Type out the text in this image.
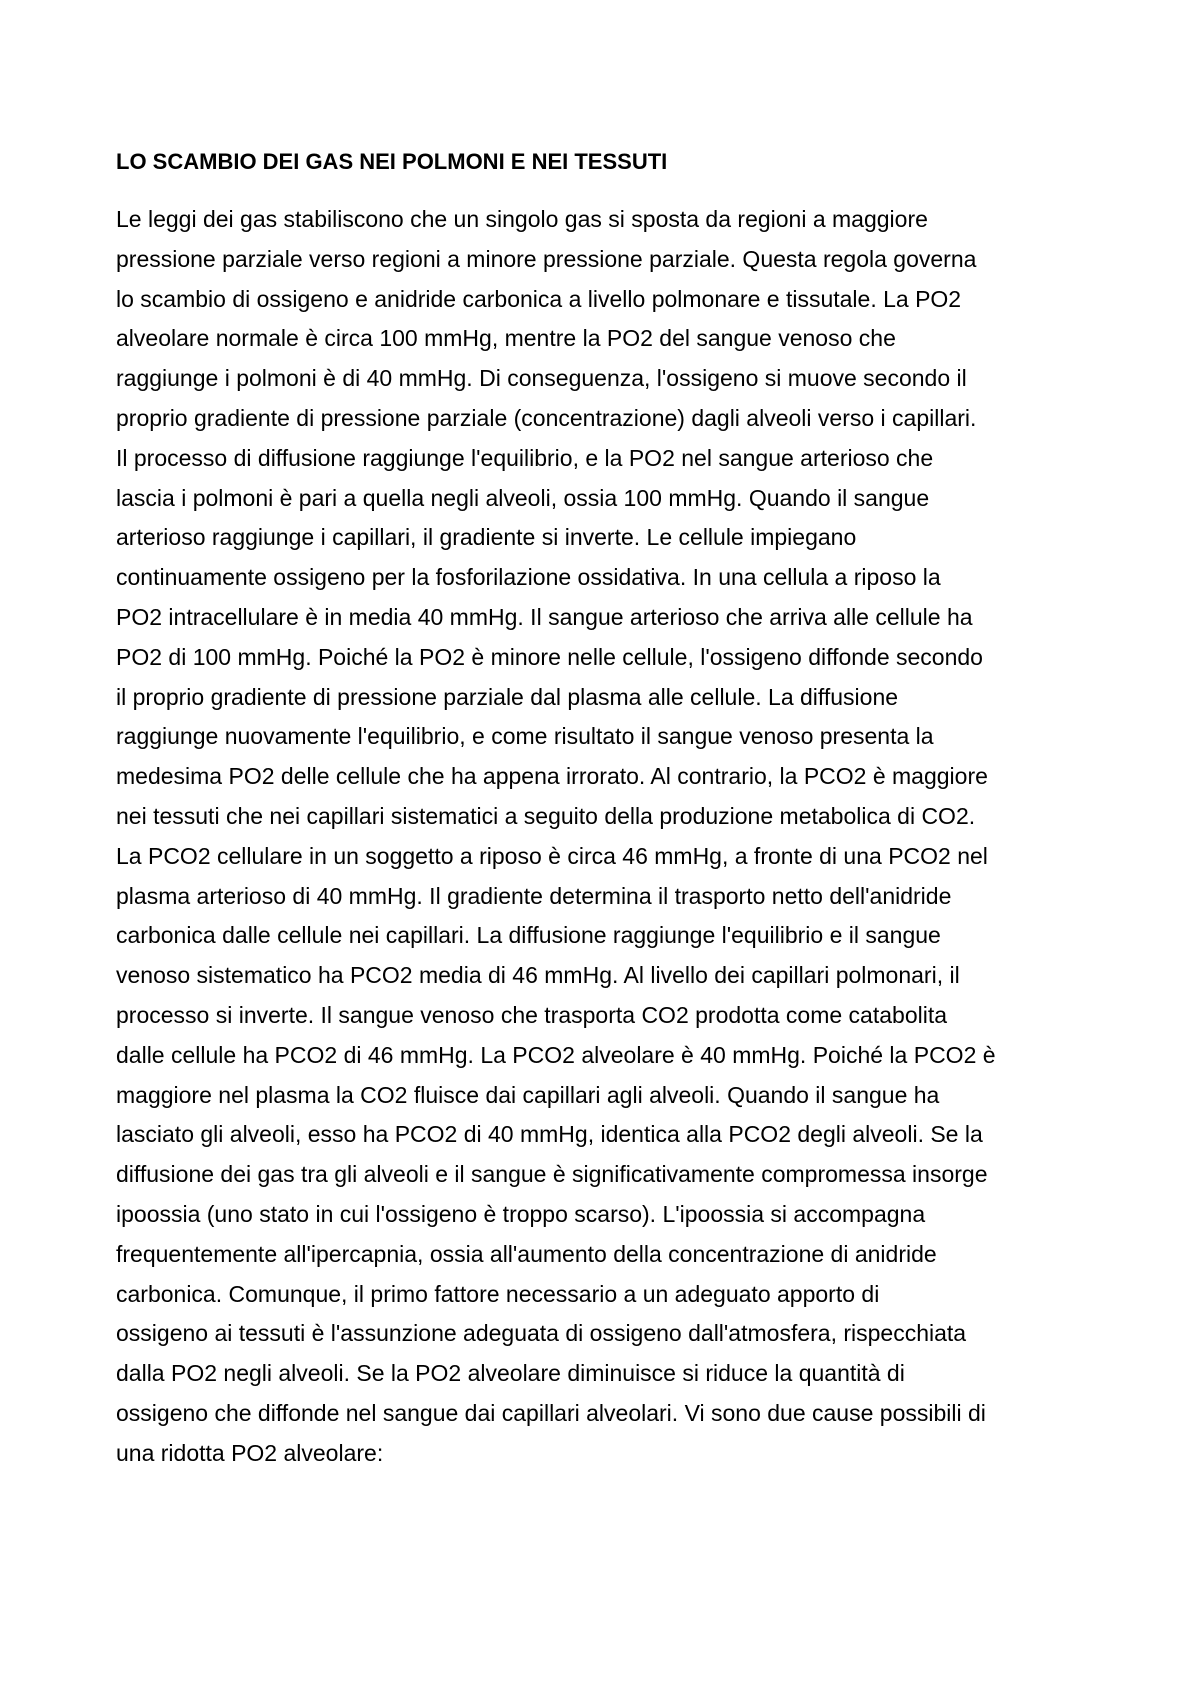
LO SCAMBIO DEI GAS NEI POLMONI E NEI TESSUTI
Le leggi dei gas stabiliscono che un singolo gas si sposta da regioni a maggiore
pressione parziale verso regioni a minore pressione parziale. Questa regola governa
lo scambio di ossigeno e anidride carbonica a livello polmonare e tissutale. La PO2
alveolare normale è circa 100 mmHg, mentre la PO2 del sangue venoso che
raggiunge i polmoni è di 40 mmHg. Di conseguenza, l'ossigeno si muove secondo il
proprio gradiente di pressione parziale (concentrazione) dagli alveoli verso i capillari.
Il processo di diffusione raggiunge l'equilibrio, e la PO2 nel sangue arterioso che
lascia i polmoni è pari a quella negli alveoli, ossia 100 mmHg. Quando il sangue
arterioso raggiunge i capillari, il gradiente si inverte. Le cellule impiegano
continuamente ossigeno per la fosforilazione ossidativa. In una cellula a riposo la
PO2 intracellulare è in media 40 mmHg. Il sangue arterioso che arriva alle cellule ha
PO2 di 100 mmHg. Poiché la PO2 è minore nelle cellule, l'ossigeno diffonde secondo
il proprio gradiente di pressione parziale dal plasma alle cellule. La diffusione
raggiunge nuovamente l'equilibrio, e come risultato il sangue venoso presenta la
medesima PO2 delle cellule che ha appena irrorato. Al contrario, la PCO2 è maggiore
nei tessuti che nei capillari sistematici a seguito della produzione metabolica di CO2.
La PCO2 cellulare in un soggetto a riposo è circa 46 mmHg, a fronte di una PCO2 nel
plasma arterioso di 40 mmHg. Il gradiente determina il trasporto netto dell'anidride
carbonica dalle cellule nei capillari. La diffusione raggiunge l'equilibrio e il sangue
venoso sistematico ha PCO2 media di 46 mmHg. Al livello dei capillari polmonari, il
processo si inverte. Il sangue venoso che trasporta CO2 prodotta come catabolita
dalle cellule ha PCO2 di 46 mmHg. La PCO2 alveolare è 40 mmHg. Poiché la PCO2 è
maggiore nel plasma la CO2 fluisce dai capillari agli alveoli. Quando il sangue ha
lasciato gli alveoli, esso ha PCO2 di 40 mmHg, identica alla PCO2 degli alveoli. Se la
diffusione dei gas tra gli alveoli e il sangue è significativamente compromessa insorge
ipoossia (uno stato in cui l'ossigeno è troppo scarso). L'ipoossia si accompagna
frequentemente all'ipercapnia, ossia all'aumento della concentrazione di anidride
carbonica. Comunque, il primo fattore necessario a un adeguato apporto di
ossigeno ai tessuti è l'assunzione adeguata di ossigeno dall'atmosfera, rispecchiata
dalla PO2 negli alveoli. Se la PO2 alveolare diminuisce si riduce la quantità di
ossigeno che diffonde nel sangue dai capillari alveolari. Vi sono due cause possibili di
una ridotta PO2 alveolare:
